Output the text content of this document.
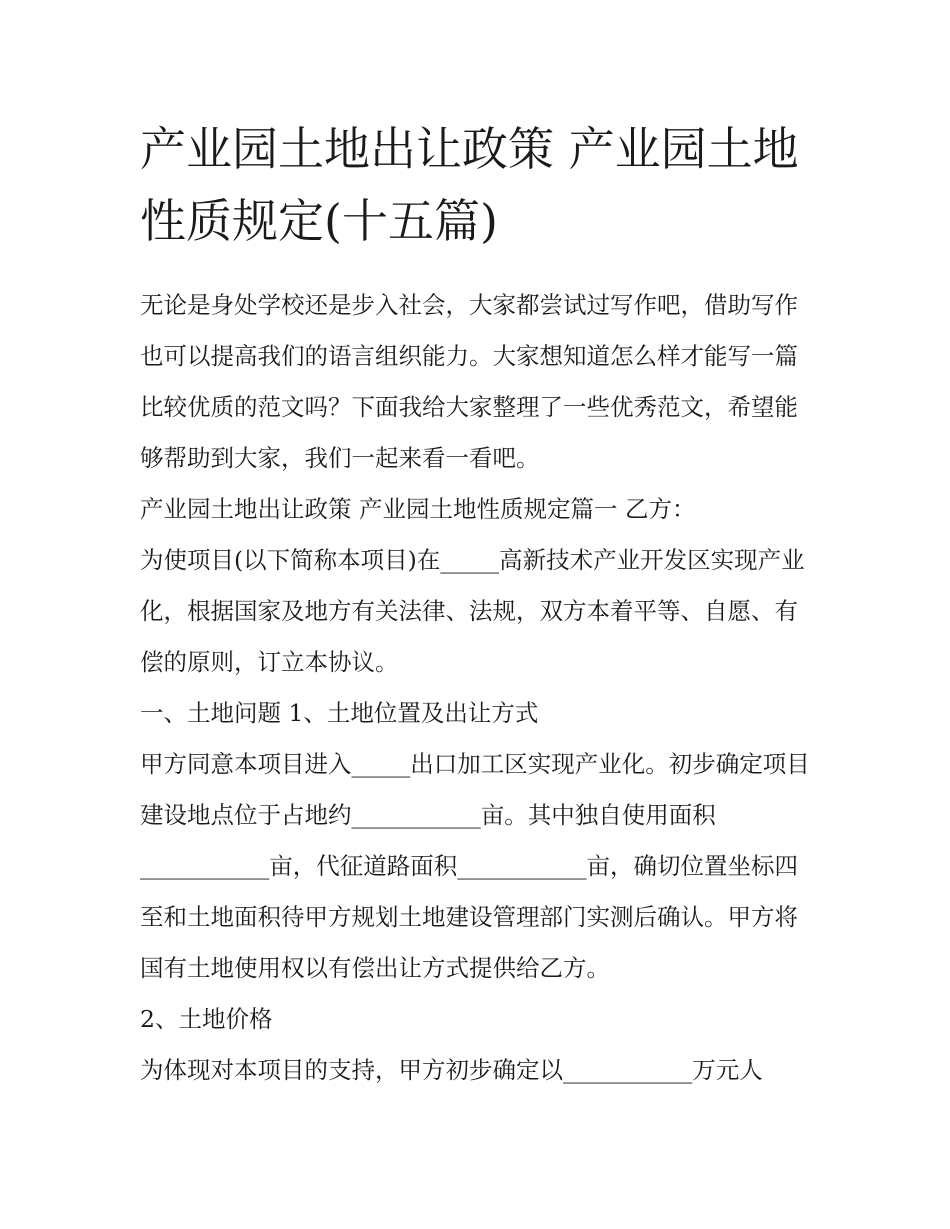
产业园土地出让政策 产业园土地性质规定(十五篇)

无论是身处学校还是步入社会，大家都尝试过写作吧，借助写作也可以提高我们的语言组织能力。大家想知道怎么样才能写一篇比较优质的范文吗？下面我给大家整理了一些优秀范文，希望能够帮助到大家，我们一起来看一看吧。

产业园土地出让政策 产业园土地性质规定篇一 乙方：

为使项目(以下简称本项目)在_____高新技术产业开发区实现产业化，根据国家及地方有关法律、法规，双方本着平等、自愿、有偿的原则，订立本协议。

一、土地问题 1、土地位置及出让方式

甲方同意本项目进入_____出口加工区实现产业化。初步确定项目建设地点位于占地约___________亩。其中独自使用面积___________亩，代征道路面积___________亩，确切位置坐标四至和土地面积待甲方规划土地建设管理部门实测后确认。甲方将国有土地使用权以有偿出让方式提供给乙方。

2、土地价格

为体现对本项目的支持，甲方初步确定以___________万元人
